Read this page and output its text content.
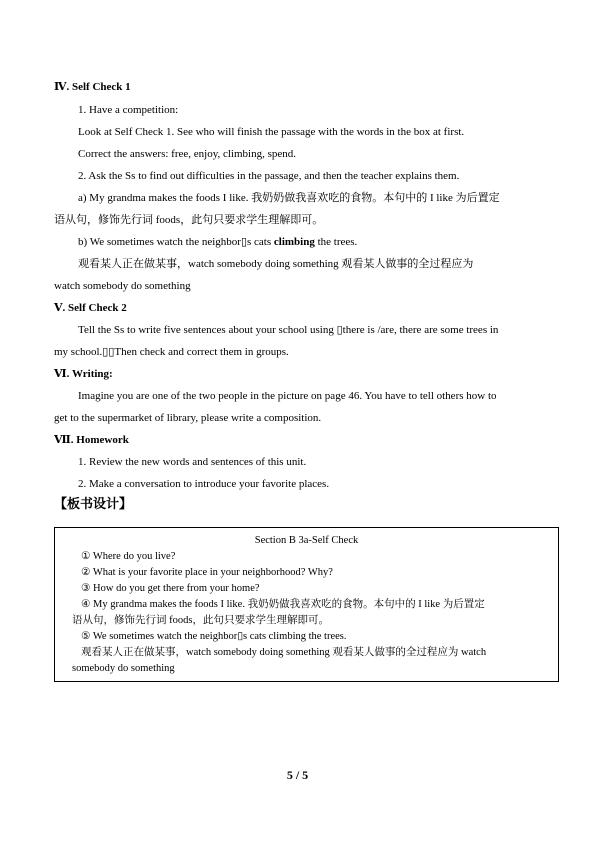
Ⅳ. Self Check 1
1. Have a competition:
Look at Self Check 1. See who will finish the passage with the words in the box at first.
Correct the answers: free, enjoy, climbing, spend.
2. Ask the Ss to find out difficulties in the passage, and then the teacher explains them.
a) My grandma makes the foods I like. 我奶奶做我喜欢吃的食物。本句中的 I like 为后置定
语从句，修饰先行词 foods，此句只要求学生理解即可。
b) We sometimes watch the neighbor▯s cats climbing the trees.
观看某人正在做某事，watch somebody doing something 观看某人做事的全过程应为
watch somebody do something
Ⅴ. Self Check 2
Tell the Ss to write five sentences about your school using ▯there is /are, there are some trees in
my school.▯▯Then check and correct them in groups.
Ⅵ. Writing:
Imagine you are one of the two people in the picture on page 46. You have to tell others how to
get to the supermarket of library, please write a composition.
Ⅶ. Homework
1. Review the new words and sentences of this unit.
2. Make a conversation to introduce your favorite places.
【板书设计】
Section B 3a-Self Check
① Where do you live?
② What is your favorite place in your neighborhood? Why?
③ How do you get there from your home?
④ My grandma makes the foods I like. 我奶奶做我喜欢吃的食物。本句中的 I like 为后置定
语从句，修饰先行词 foods，此句只要求学生理解即可。
⑤ We sometimes watch the neighbor▯s cats climbing the trees.
观看某人正在做某事，watch somebody doing something 观看某人做事的全过程应为 watch
somebody do something
5 / 5
